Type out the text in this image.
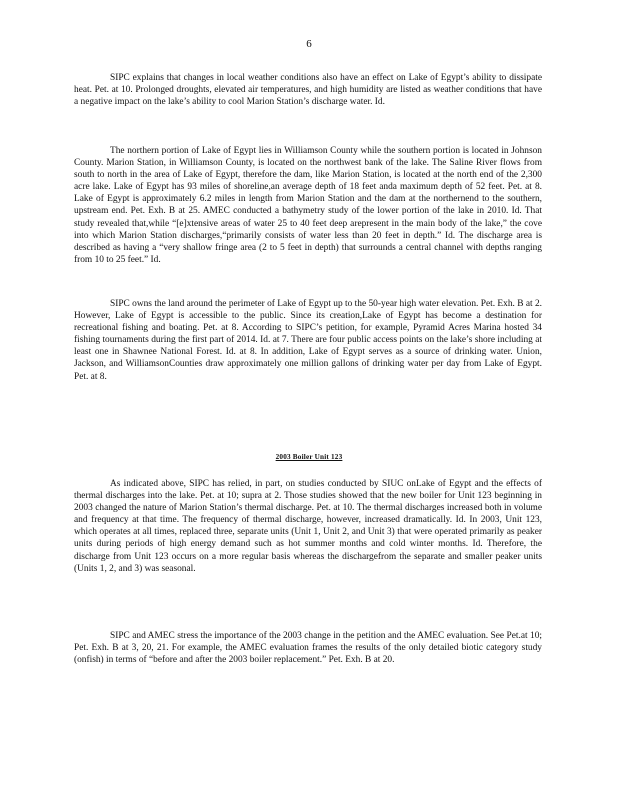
6

SIPC explains that changes in local weather conditions also have an effect on Lake of Egypt’s ability to dissipate heat. Pet. at 10. Prolonged droughts, elevated air temperatures, and high humidity are listed as weather conditions that have a negative impact on the lake’s ability to cool Marion Station’s discharge water. Id.

The northern portion of Lake of Egypt lies in Williamson County while the southern portion is located in Johnson County. Marion Station, in Williamson County, is located on the northwest bank of the lake. The Saline River flows from south to north in the area of Lake of Egypt, therefore the dam, like Marion Station, is located at the north end of the 2,300 acre lake. Lake of Egypt has 93 miles of shoreline,an average depth of 18 feet anda maximum depth of 52 feet. Pet. at 8. Lake of Egypt is approximately 6.2 miles in length from Marion Station and the dam at the northernend to the southern, upstream end. Pet. Exh. B at 25. AMEC conducted a bathymetry study of the lower portion of the lake in 2010. Id. That study revealed that,while “[e]xtensive areas of water 25 to 40 feet deep arepresent in the main body of the lake,” the cove into which Marion Station discharges,“primarily consists of water less than 20 feet in depth.” Id. The discharge area is described as having a “very shallow fringe area (2 to 5 feet in depth) that surrounds a central channel with depths ranging from 10 to 25 feet.” Id.

SIPC owns the land around the perimeter of Lake of Egypt up to the 50-year high water elevation. Pet. Exh. B at 2. However, Lake of Egypt is accessible to the public. Since its creation,Lake of Egypt has become a destination for recreational fishing and boating. Pet. at 8. According to SIPC’s petition, for example, Pyramid Acres Marina hosted 34 fishing tournaments during the first part of 2014. Id. at 7. There are four public access points on the lake’s shore including at least one in Shawnee National Forest. Id. at 8. In addition, Lake of Egypt serves as a source of drinking water. Union, Jackson, and WilliamsonCounties draw approximately one million gallons of drinking water per day from Lake of Egypt. Pet. at 8.

2003 Boiler Unit 123

As indicated above, SIPC has relied, in part, on studies conducted by SIUC onLake of Egypt and the effects of thermal discharges into the lake. Pet. at 10; supra at 2. Those studies showed that the new boiler for Unit 123 beginning in 2003 changed the nature of Marion Station’s thermal discharge. Pet. at 10. The thermal discharges increased both in volume and frequency at that time. The frequency of thermal discharge, however, increased dramatically. Id. In 2003, Unit 123, which operates at all times, replaced three, separate units (Unit 1, Unit 2, and Unit 3) that were operated primarily as peaker units during periods of high energy demand such as hot summer months and cold winter months. Id. Therefore, the discharge from Unit 123 occurs on a more regular basis whereas the dischargefrom the separate and smaller peaker units (Units 1, 2, and 3) was seasonal.

SIPC and AMEC stress the importance of the 2003 change in the petition and the AMEC evaluation. See Pet.at 10; Pet. Exh. B at 3, 20, 21. For example, the AMEC evaluation frames the results of the only detailed biotic category study (onfish) in terms of “before and after the 2003 boiler replacement.” Pet. Exh. B at 20.
